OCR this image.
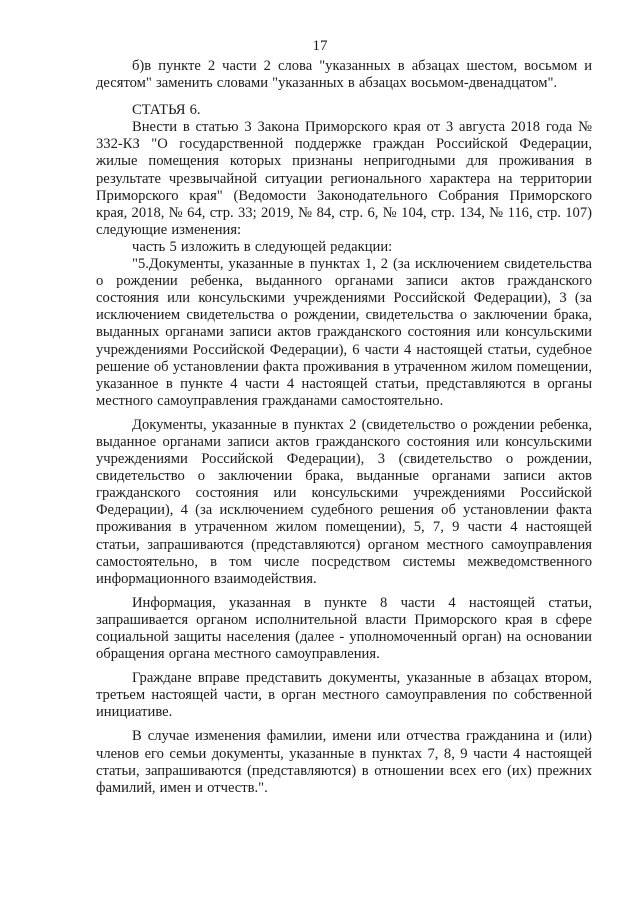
17

б)в пункте 2 части 2 слова "указанных в абзацах шестом, восьмом и десятом" заменить словами "указанных в абзацах восьмом-двенадцатом".

СТАТЬЯ 6.

Внести в статью 3 Закона Приморского края от 3 августа 2018 года № 332-КЗ "О государственной поддержке граждан Российской Федерации, жилые помещения которых признаны непригодными для проживания в результате чрезвычайной ситуации регионального характера на территории Приморского края" (Ведомости Законодательного Собрания Приморского края, 2018, № 64, стр. 33; 2019, № 84, стр. 6, № 104, стр. 134, № 116, стр. 107) следующие изменения:

часть 5 изложить в следующей редакции:

"5.Документы, указанные в пунктах 1, 2 (за исключением свидетельства о рождении ребенка, выданного органами записи актов гражданского состояния или консульскими учреждениями Российской Федерации), 3 (за исключением свидетельства о рождении, свидетельства о заключении брака, выданных органами записи актов гражданского состояния или консульскими учреждениями Российской Федерации), 6 части 4 настоящей статьи, судебное решение об установлении факта проживания в утраченном жилом помещении, указанное в пункте 4 части 4 настоящей статьи, представляются в органы местного самоуправления гражданами самостоятельно.

Документы, указанные в пунктах 2 (свидетельство о рождении ребенка, выданное органами записи актов гражданского состояния или консульскими учреждениями Российской Федерации), 3 (свидетельство о рождении, свидетельство о заключении брака, выданные органами записи актов гражданского состояния или консульскими учреждениями Российской Федерации), 4 (за исключением судебного решения об установлении факта проживания в утраченном жилом помещении), 5, 7, 9 части 4 настоящей статьи, запрашиваются (представляются) органом местного самоуправления самостоятельно, в том числе посредством системы межведомственного информационного взаимодействия.

Информация, указанная в пункте 8 части 4 настоящей статьи, запрашивается органом исполнительной власти Приморского края в сфере социальной защиты населения (далее - уполномоченный орган) на основании обращения органа местного самоуправления.

Граждане вправе представить документы, указанные в абзацах втором, третьем настоящей части, в орган местного самоуправления по собственной инициативе.

В случае изменения фамилии, имени или отчества гражданина и (или) членов его семьи документы, указанные в пунктах 7, 8, 9 части 4 настоящей статьи, запрашиваются (представляются) в отношении всех его (их) прежних фамилий, имен и отчеств.".
